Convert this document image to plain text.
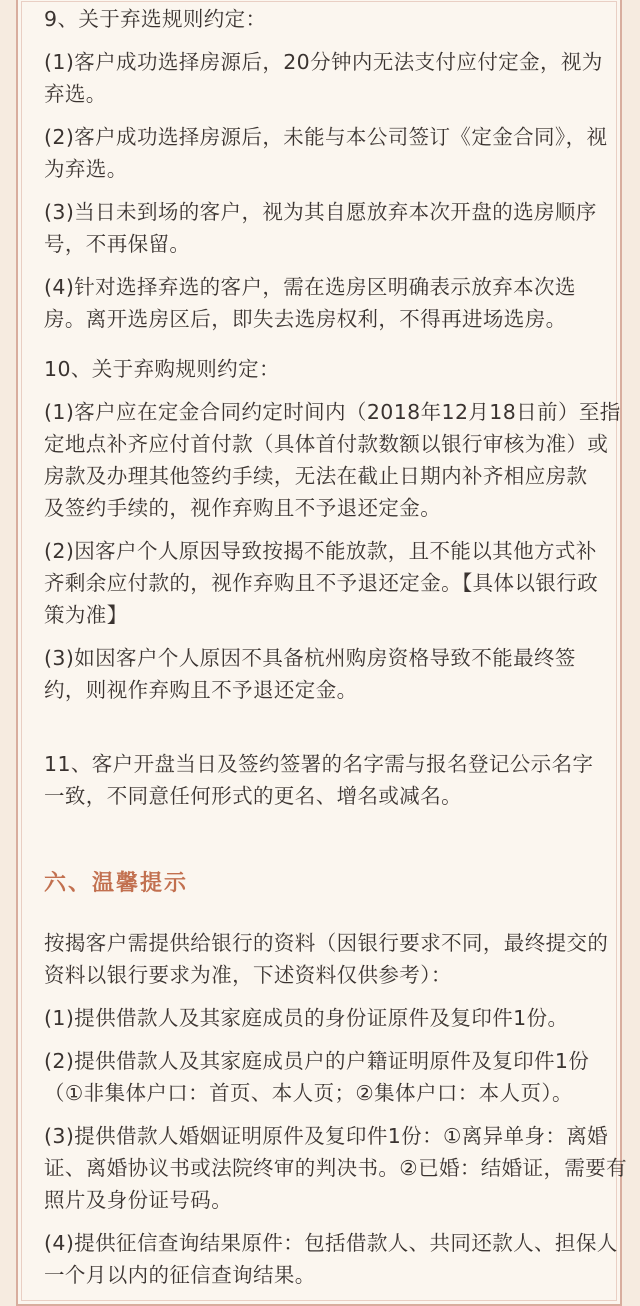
9、关于弃选规则约定：

(1)客户成功选择房源后，20分钟内无法支付应付定金，视为
弃选。

(2)客户成功选择房源后，未能与本公司签订《定金合同》，视
为弃选。

(3)当日未到场的客户，视为其自愿放弃本次开盘的选房顺序
号，不再保留。

(4)针对选择弃选的客户，需在选房区明确表示放弃本次选
房。离开选房区后，即失去选房权利，不得再进场选房。

10、关于弃购规则约定：

(1)客户应在定金合同约定时间内（2018年12月18日前）至指
定地点补齐应付首付款（具体首付款数额以银行审核为准）或
房款及办理其他签约手续，无法在截止日期内补齐相应房款
及签约手续的，视作弃购且不予退还定金。

(2)因客户个人原因导致按揭不能放款，且不能以其他方式补
齐剩余应付款的，视作弃购且不予退还定金。【具体以银行政
策为准】

(3)如因客户个人原因不具备杭州购房资格导致不能最终签
约，则视作弃购且不予退还定金。

11、客户开盘当日及签约签署的名字需与报名登记公示名字
一致，不同意任何形式的更名、增名或减名。

六、温馨提示

按揭客户需提供给银行的资料（因银行要求不同，最终提交的
资料以银行要求为准，下述资料仅供参考）：

(1)提供借款人及其家庭成员的身份证原件及复印件1份。

(2)提供借款人及其家庭成员户的户籍证明原件及复印件1份
（①非集体户口：首页、本人页；②集体户口：本人页）。

(3)提供借款人婚姻证明原件及复印件1份：①离异单身：离婚
证、离婚协议书或法院终审的判决书。②已婚：结婚证，需要有
照片及身份证号码。

(4)提供征信查询结果原件：包括借款人、共同还款人、担保人
一个月以内的征信查询结果。
